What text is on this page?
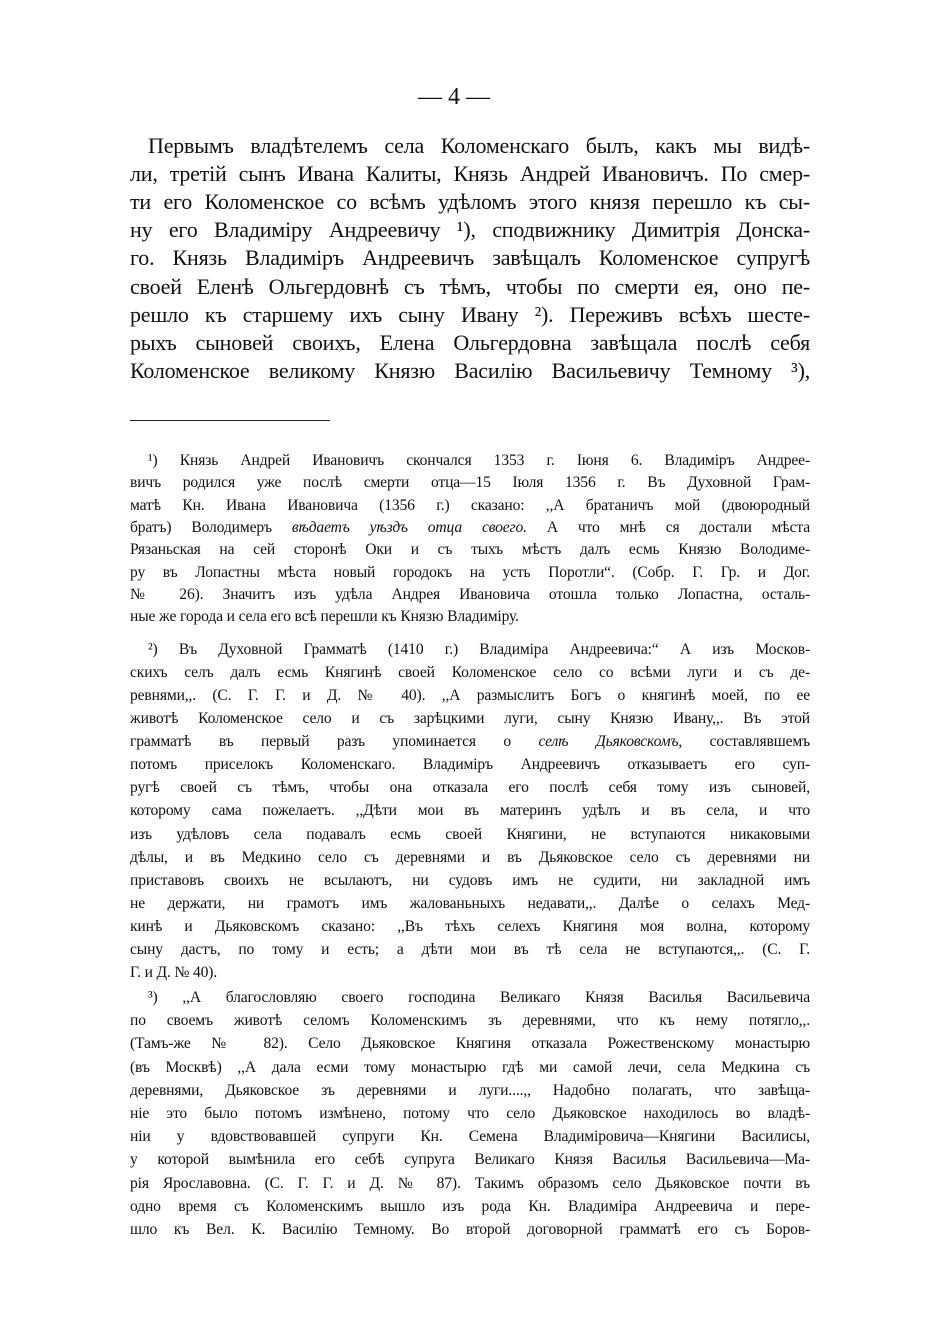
— 4 —
Первымъ владѣтелемъ села Коломенскаго былъ, какъ мы видѣ-
ли, третій сынъ Ивана Калиты, Князь Андрей Ивановичъ. По смер-
ти его Коломенское со всѣмъ удѣломъ этого князя перешло къ сы-
ну его Владиміру Андреевичу ¹), сподвижнику Димитрія Донска-
го. Князь Владиміръ Андреевичъ завѣщалъ Коломенское супругѣ
своей Еленѣ Ольгердовнѣ съ тѣмъ, чтобы по смерти ея, оно пе-
решло къ старшему ихъ сыну Ивану ²). Переживъ всѣхъ шесте-
рыхъ сыновей своихъ, Елена Ольгердовна завѣщала послѣ себя
Коломенское великому Князю Василію Васильевичу Темному ³),
¹) Князь Андрей Ивановичъ скончался 1353 г. Іюня 6. Владиміръ Андрее-
вичъ родился уже послѣ смерти отца—15 Іюля 1356 г. Въ Духовной Грам-
матѣ Кн. Ивана Ивановича (1356 г.) сказано: ,,А братаничъ мой (двоюродный
братъ) Володимеръ вѣдаетъ уѣздъ отца своего. А что мнѣ ся достали мѣста
Рязаньская на сей сторонѣ Оки и съ тыхъ мѣстъ далъ есмь Князю Володиме-
ру въ Лопастны мѣста новый городокъ на усть Поротли“. (Собр. Г. Гр. и Дог.
№ 26). Значитъ изъ удѣла Андрея Ивановича отошла только Лопастна, осталь-
ные же города и села его всѣ перешли къ Князю Владиміру.
²) Въ Духовной Грамматѣ (1410 г.) Владиміра Андреевича:“ А изъ Москов-
скихъ селъ далъ есмь Княгинѣ своей Коломенское село со всѣми луги и съ де-
ревнями,,. (С. Г. Г. и Д. № 40). ,,А размыслитъ Богъ о княгинѣ моей, по ее
животѣ Коломенское село и съ зарѣцкими луги, сыну Князю Ивану,,. Въ этой
грамматѣ въ первый разъ упоминается о селѣ Дьяковскомъ, составлявшемъ
потомъ приселокъ Коломенскаго. Владиміръ Андреевичъ отказываетъ его суп-
ругѣ своей съ тѣмъ, чтобы она отказала его послѣ себя тому изъ сыновей,
которому сама пожелаетъ. ,,Дѣти мои въ материнъ удѣлъ и въ села, и что
изъ удѣловъ села подавалъ есмь своей Княгини, не вступаются никаковыми
дѣлы, и въ Медкино село съ деревнями и въ Дьяковское село съ деревнями ни
приставовъ своихъ не всылаютъ, ни судовъ имъ не судити, ни закладной имъ
не держати, ни грамотъ имъ жалованьныхъ недавати,,. Далѣе о селахъ Мед-
кинѣ и Дьяковскомъ сказано: ,,Въ тѣхъ селехъ Княгиня моя волна, которому
сыну дастъ, по тому и есть; а дѣти мои въ тѣ села не вступаются,,. (С. Г.
Г. и Д. № 40).
³) ,,А благословляю своего господина Великаго Князя Василья Васильевича
по своемъ животѣ селомъ Коломенскимъ зъ деревнями, что къ нему потягло,,.
(Тамъ-же № 82). Село Дьяковское Княгиня отказала Рожественскому монастырю
(въ Москвѣ) ,,А дала есми тому монастырю гдѣ ми самой лечи, села Медкина съ
деревнями, Дьяковское зъ деревнями и луги....,, Надобно полагать, что завѣща-
ніе это было потомъ измѣнено, потому что село Дьяковское находилось во владѣ-
ніи у вдовствовавшей супруги Кн. Семена Владиміровича—Княгини Василисы,
у которой вымѣнила его себѣ супруга Великаго Князя Василья Васильевича—Ма-
рія Ярославовна. (С. Г. Г. и Д. № 87). Такимъ образомъ село Дьяковское почти въ
одно время съ Коломенскимъ вышло изъ рода Кн. Владиміра Андреевича и пере-
шло къ Вел. К. Василію Темному. Во второй договорной грамматѣ его съ Боров-
